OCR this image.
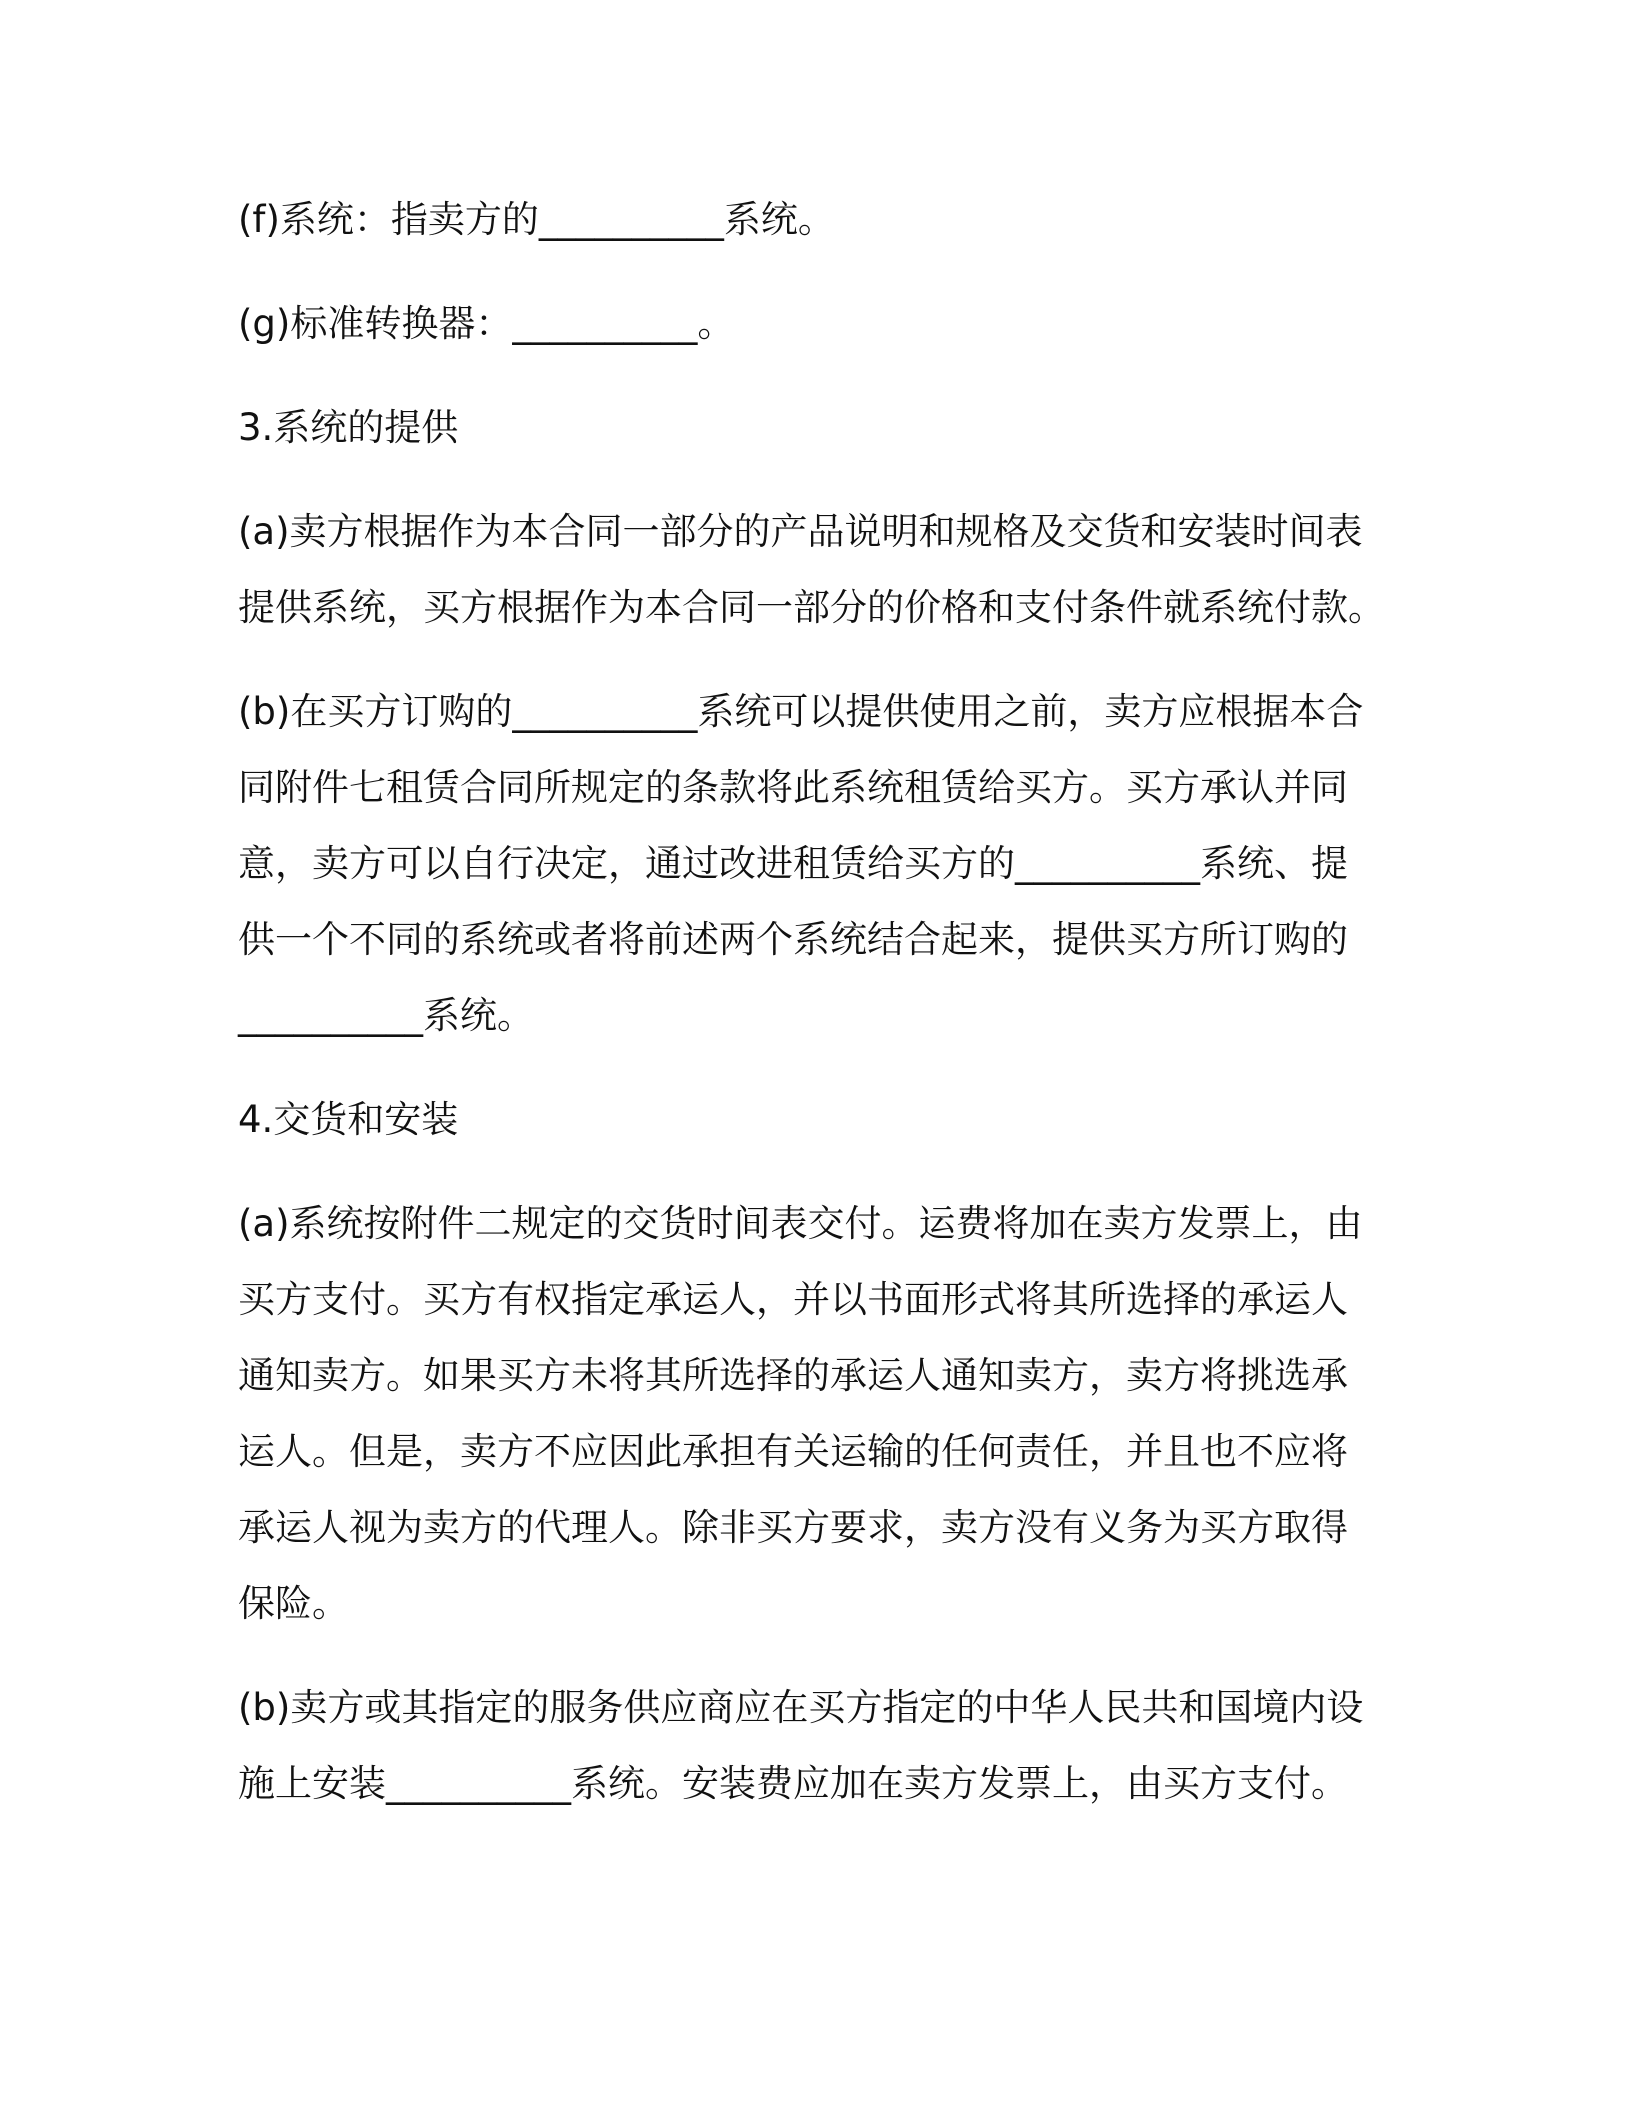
(f)系统：指卖方的__________系统。

(g)标准转换器：__________。

3.系统的提供

(a)卖方根据作为本合同一部分的产品说明和规格及交货和安装时间表
提供系统，买方根据作为本合同一部分的价格和支付条件就系统付款。

(b)在买方订购的__________系统可以提供使用之前，卖方应根据本合
同附件七租赁合同所规定的条款将此系统租赁给买方。买方承认并同
意，卖方可以自行决定，通过改进租赁给买方的__________系统、提
供一个不同的系统或者将前述两个系统结合起来，提供买方所订购的
__________系统。

4.交货和安装

(a)系统按附件二规定的交货时间表交付。运费将加在卖方发票上，由
买方支付。买方有权指定承运人，并以书面形式将其所选择的承运人
通知卖方。如果买方未将其所选择的承运人通知卖方，卖方将挑选承
运人。但是，卖方不应因此承担有关运输的任何责任，并且也不应将
承运人视为卖方的代理人。除非买方要求，卖方没有义务为买方取得
保险。

(b)卖方或其指定的服务供应商应在买方指定的中华人民共和国境内设
施上安装__________系统。安装费应加在卖方发票上，由买方支付。
